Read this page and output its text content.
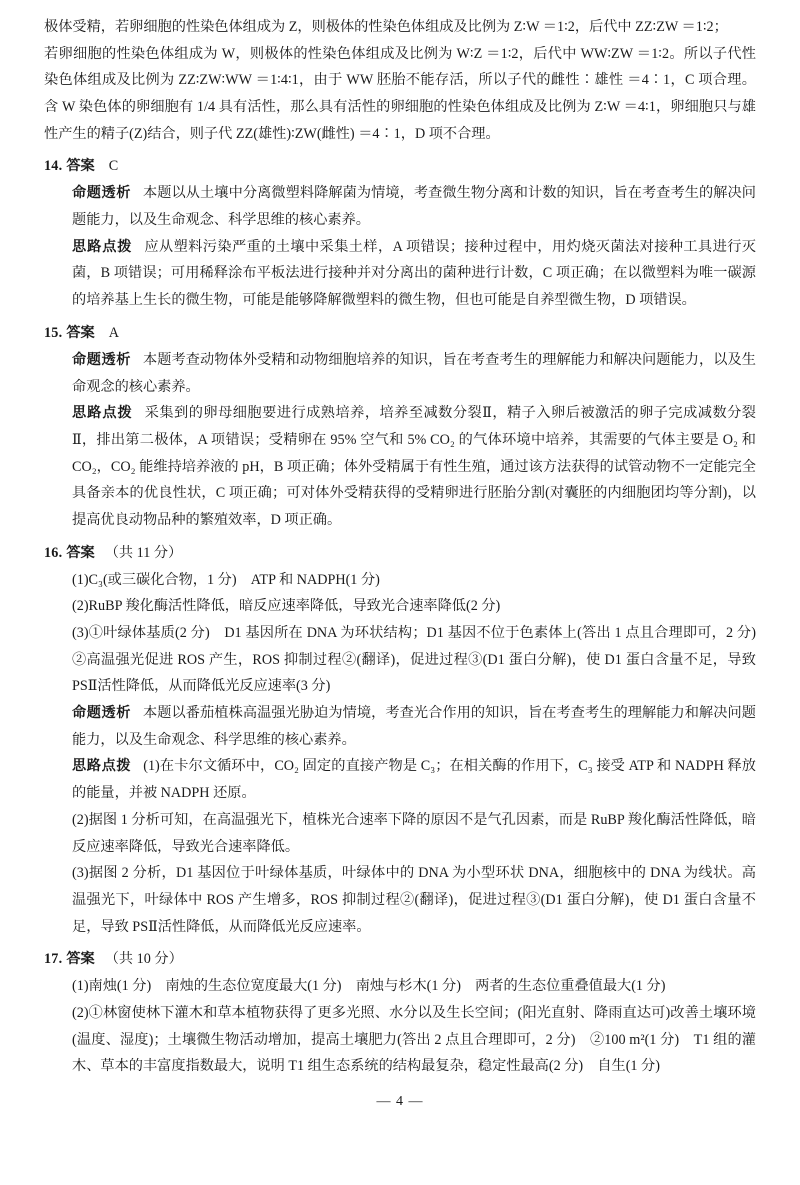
极体受精，若卵细胞的性染色体组成为 Z，则极体的性染色体组成及比例为 Z∶W ＝1∶2，后代中 ZZ∶ZW ＝1∶2；

若卵细胞的性染色体组成为 W，则极体的性染色体组成及比例为 W∶Z ＝1∶2，后代中 WW∶ZW ＝1∶2。所以子代性染色体组成及比例为 ZZ∶ZW∶WW ＝1∶4∶1，由于 WW 胚胎不能存活，所以子代的雌性∶雄性 ＝4∶1，C 项合理。含 W 染色体的卵细胞有 1/4 具有活性，那么具有活性的卵细胞的性染色体组成及比例为 Z∶W ＝4∶1，卵细胞只与雄性产生的精子(Z)结合，则子代 ZZ(雄性)∶ZW(雌性) ＝4∶1，D 项不合理。

14. 答案 C

命题透析 本题以从土壤中分离微塑料降解菌为情境，考查微生物分离和计数的知识，旨在考查考生的解决问题能力，以及生命观念、科学思维的核心素养。

思路点拨 应从塑料污染严重的土壤中采集土样，A 项错误；接种过程中，用灼烧灭菌法对接种工具进行灭菌，B 项错误；可用稀释涂布平板法进行接种并对分离出的菌种进行计数，C 项正确；在以微塑料为唯一碳源的培养基上生长的微生物，可能是能够降解微塑料的微生物，但也可能是自养型微生物，D 项错误。

15. 答案 A

命题透析 本题考查动物体外受精和动物细胞培养的知识，旨在考查考生的理解能力和解决问题能力，以及生命观念的核心素养。

思路点拨 采集到的卵母细胞要进行成熟培养，培养至减数分裂Ⅱ，精子入卵后被激活的卵子完成减数分裂Ⅱ，排出第二极体，A 项错误；受精卵在 95% 空气和 5% CO₂ 的气体环境中培养，其需要的气体主要是 O₂ 和 CO₂，CO₂ 能维持培养液的 pH，B 项正确；体外受精属于有性生殖，通过该方法获得的试管动物不一定能完全具备亲本的优良性状，C 项正确；可对体外受精获得的受精卵进行胚胎分割(对囊胚的内细胞团均等分割)，以提高优良动物品种的繁殖效率，D 项正确。

16. 答案 （共 11 分）

(1)C₃(或三碳化合物，1 分)　ATP 和 NADPH(1 分)

(2)RuBP 羧化酶活性降低，暗反应速率降低，导致光合速率降低(2 分)

(3)①叶绿体基质(2 分)　D1 基因所在 DNA 为环状结构；D1 基因不位于色素体上(答出 1 点且合理即可，2 分)　②高温强光促进 ROS 产生，ROS 抑制过程②(翻译)，促进过程③(D1 蛋白分解)，使 D1 蛋白含量不足，导致 PSⅡ活性降低，从而降低光反应速率(3 分)

命题透析 本题以番茄植株高温强光胁迫为情境，考查光合作用的知识，旨在考查考生的理解能力和解决问题能力，以及生命观念、科学思维的核心素养。

思路点拨 (1)在卡尔文循环中，CO₂ 固定的直接产物是 C₃；在相关酶的作用下，C₃ 接受 ATP 和 NADPH 释放的能量，并被 NADPH 还原。

(2)据图 1 分析可知，在高温强光下，植株光合速率下降的原因不是气孔因素，而是 RuBP 羧化酶活性降低，暗反应速率降低，导致光合速率降低。

(3)据图 2 分析，D1 基因位于叶绿体基质，叶绿体中的 DNA 为小型环状 DNA，细胞核中的 DNA 为线状。高温强光下，叶绿体中 ROS 产生增多，ROS 抑制过程②(翻译)，促进过程③(D1 蛋白分解)，使 D1 蛋白含量不足，导致 PSⅡ活性降低，从而降低光反应速率。

17. 答案 （共 10 分）

(1)南烛(1 分)　南烛的生态位宽度最大(1 分)　南烛与杉木(1 分)　两者的生态位重叠值最大(1 分)

(2)①林窗使林下灌木和草本植物获得了更多光照、水分以及生长空间；(阳光直射、降雨直达可)改善土壤环境(温度、湿度)；土壤微生物活动增加，提高土壤肥力(答出 2 点且合理即可，2 分)　②100 m²(1 分)　T1 组的灌木、草本的丰富度指数最大，说明 T1 组生态系统的结构最复杂，稳定性最高(2 分)　自生(1 分)

— 4 —
